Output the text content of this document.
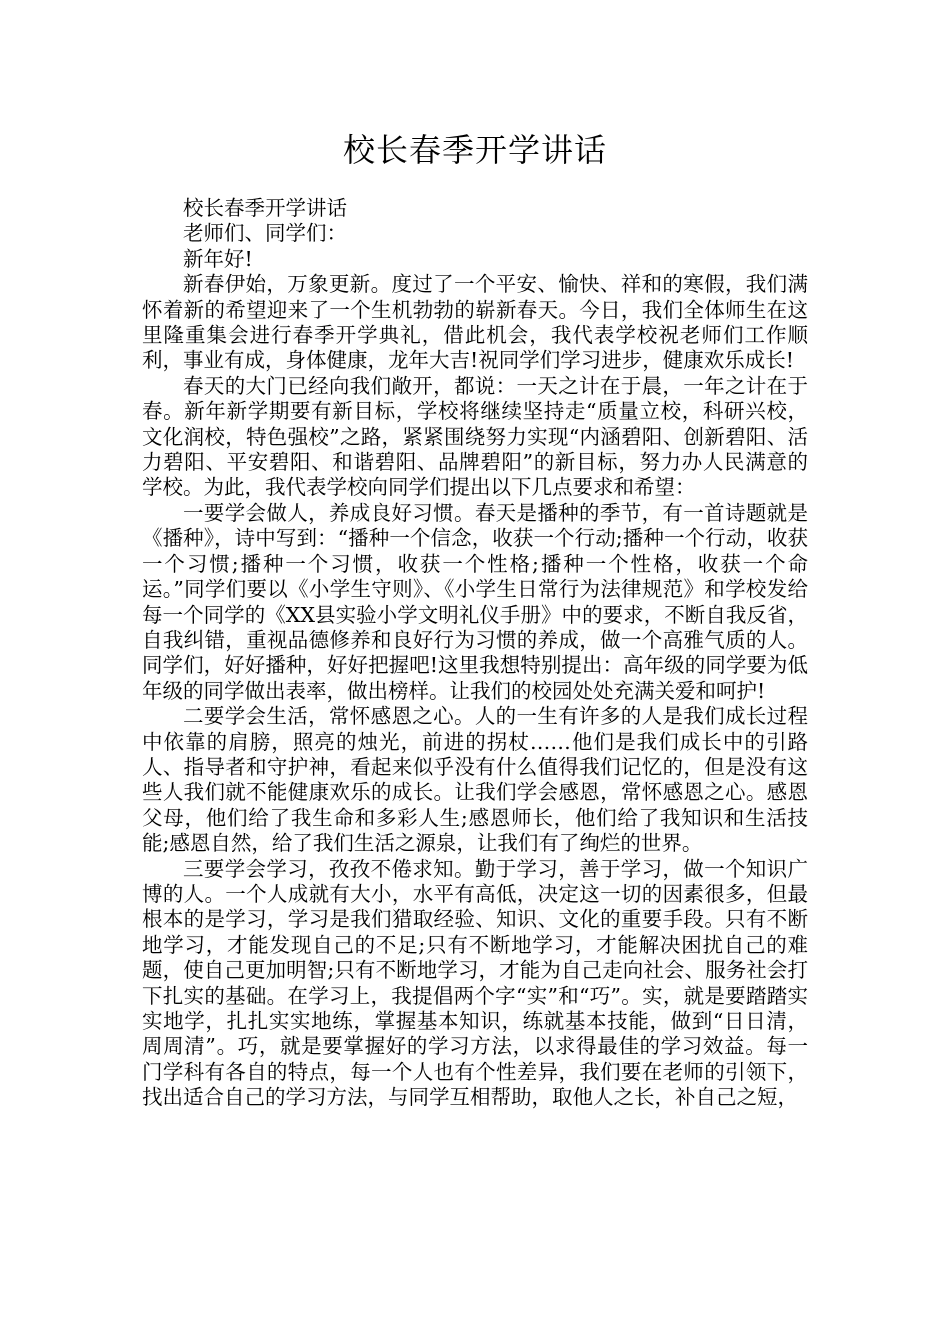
校长春季开学讲话

校长春季开学讲话

老师们、同学们：

新年好!

新春伊始，万象更新。度过了一个平安、愉快、祥和的寒假，我们满怀着新的希望迎来了一个生机勃勃的崭新春天。今日，我们全体师生在这里隆重集会进行春季开学典礼，借此机会，我代表学校祝老师们工作顺利，事业有成，身体健康，龙年大吉!祝同学们学习进步，健康欢乐成长!

春天的大门已经向我们敞开，都说：一天之计在于晨，一年之计在于春。新年新学期要有新目标，学校将继续坚持走“质量立校，科研兴校，文化润校，特色强校”之路，紧紧围绕努力实现“内涵碧阳、创新碧阳、活力碧阳、平安碧阳、和谐碧阳、品牌碧阳”的新目标，努力办人民满意的学校。为此，我代表学校向同学们提出以下几点要求和希望：

一要学会做人，养成良好习惯。春天是播种的季节，有一首诗题就是《播种》，诗中写到：“播种一个信念，收获一个行动;播种一个行动，收获一个习惯;播种一个习惯，收获一个性格;播种一个性格，收获一个命运。”同学们要以《小学生守则》、《小学生日常行为法律规范》和学校发给每一个同学的《XX县实验小学文明礼仪手册》中的要求，不断自我反省，自我纠错，重视品德修养和良好行为习惯的养成，做一个高雅气质的人。同学们，好好播种，好好把握吧!这里我想特别提出：高年级的同学要为低年级的同学做出表率，做出榜样。让我们的校园处处充满关爱和呵护!

二要学会生活，常怀感恩之心。人的一生有许多的人是我们成长过程中依靠的肩膀，照亮的烛光，前进的拐杖……他们是我们成长中的引路人、指导者和守护神，看起来似乎没有什么值得我们记忆的，但是没有这些人我们就不能健康欢乐的成长。让我们学会感恩，常怀感恩之心。感恩父母，他们给了我生命和多彩人生;感恩师长，他们给了我知识和生活技能;感恩自然，给了我们生活之源泉，让我们有了绚烂的世界。

三要学会学习，孜孜不倦求知。勤于学习，善于学习，做一个知识广博的人。一个人成就有大小，水平有高低，决定这一切的因素很多，但最根本的是学习，学习是我们猎取经验、知识、文化的重要手段。只有不断地学习，才能发现自己的不足;只有不断地学习，才能解决困扰自己的难题，使自己更加明智;只有不断地学习，才能为自己走向社会、服务社会打下扎实的基础。在学习上，我提倡两个字“实”和“巧”。实，就是要踏踏实实地学，扎扎实实地练，掌握基本知识，练就基本技能，做到“日日清，周周清”。巧，就是要掌握好的学习方法，以求得最佳的学习效益。每一门学科有各自的特点，每一个人也有个性差异，我们要在老师的引领下，找出适合自己的学习方法，与同学互相帮助，取他人之长，补自己之短，
